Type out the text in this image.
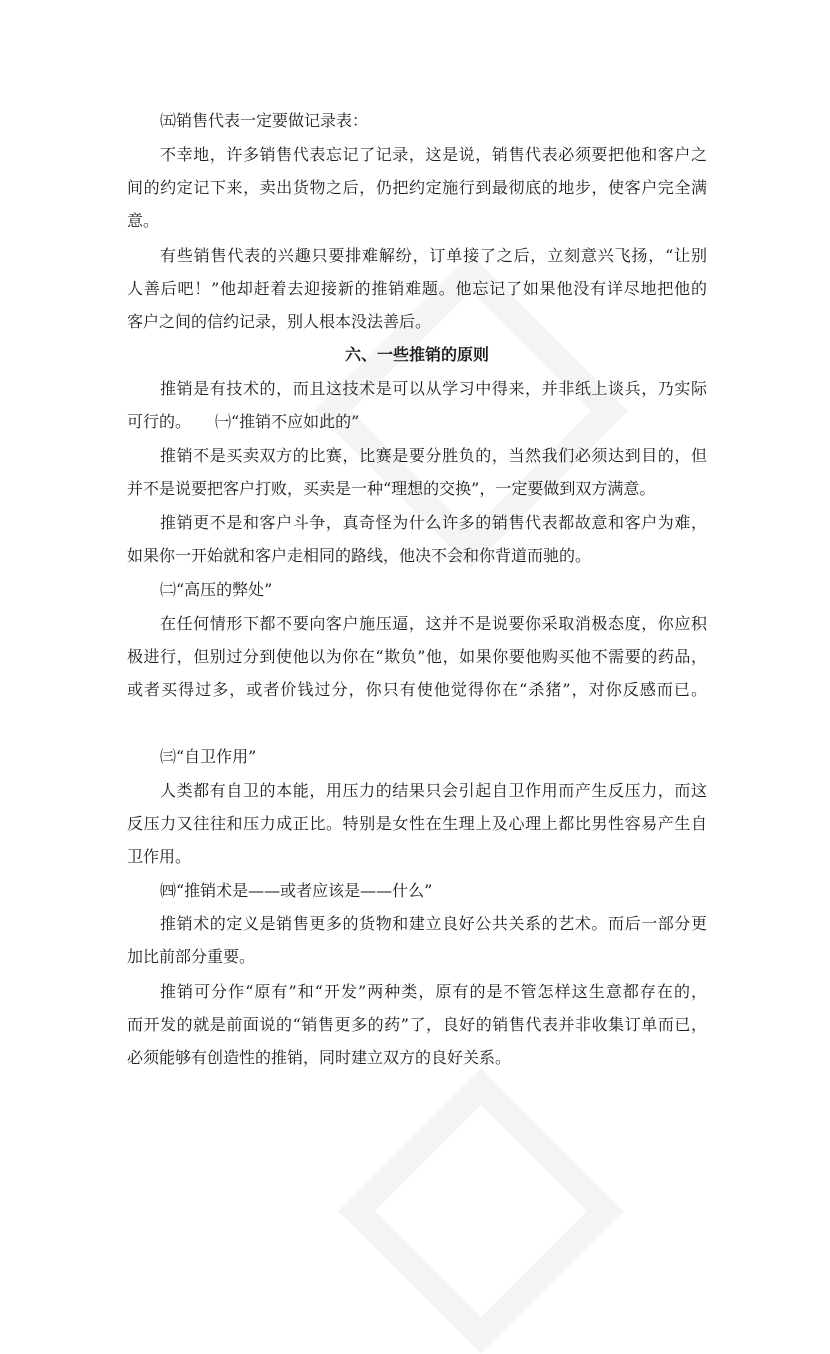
㈤销售代表一定要做记录表：
不幸地，许多销售代表忘记了记录，这是说，销售代表必须要把他和客户之
间的约定记下来，卖出货物之后，仍把约定施行到最彻底的地步，使客户完全满
意。
有些销售代表的兴趣只要排难解纷，订单接了之后，立刻意兴飞扬，“让别
人善后吧！”他却赶着去迎接新的推销难题。他忘记了如果他没有详尽地把他的
客户之间的信约记录，别人根本没法善后。
六、一些推销的原则
推销是有技术的，而且这技术是可以从学习中得来，并非纸上谈兵，乃实际
可行的。　　㈠“推销不应如此的”
推销不是买卖双方的比赛，比赛是要分胜负的，当然我们必须达到目的，但
并不是说要把客户打败，买卖是一种“理想的交换”，一定要做到双方满意。
推销更不是和客户斗争，真奇怪为什么许多的销售代表都故意和客户为难，
如果你一开始就和客户走相同的路线，他决不会和你背道而驰的。
㈡“高压的弊处”
在任何情形下都不要向客户施压逼，这并不是说要你采取消极态度，你应积
极进行，但别过分到使他以为你在“欺负”他，如果你要他购买他不需要的药品，
或者买得过多，或者价钱过分，你只有使他觉得你在“杀猪”，对你反感而已。
㈢“自卫作用”
人类都有自卫的本能，用压力的结果只会引起自卫作用而产生反压力，而这
反压力又往往和压力成正比。特别是女性在生理上及心理上都比男性容易产生自
卫作用。
㈣“推销术是——或者应该是——什么”
推销术的定义是销售更多的货物和建立良好公共关系的艺术。而后一部分更
加比前部分重要。
推销可分作“原有”和“开发”两种类，原有的是不管怎样这生意都存在的，
而开发的就是前面说的“销售更多的药”了，良好的销售代表并非收集订单而已，
必须能够有创造性的推销，同时建立双方的良好关系。
